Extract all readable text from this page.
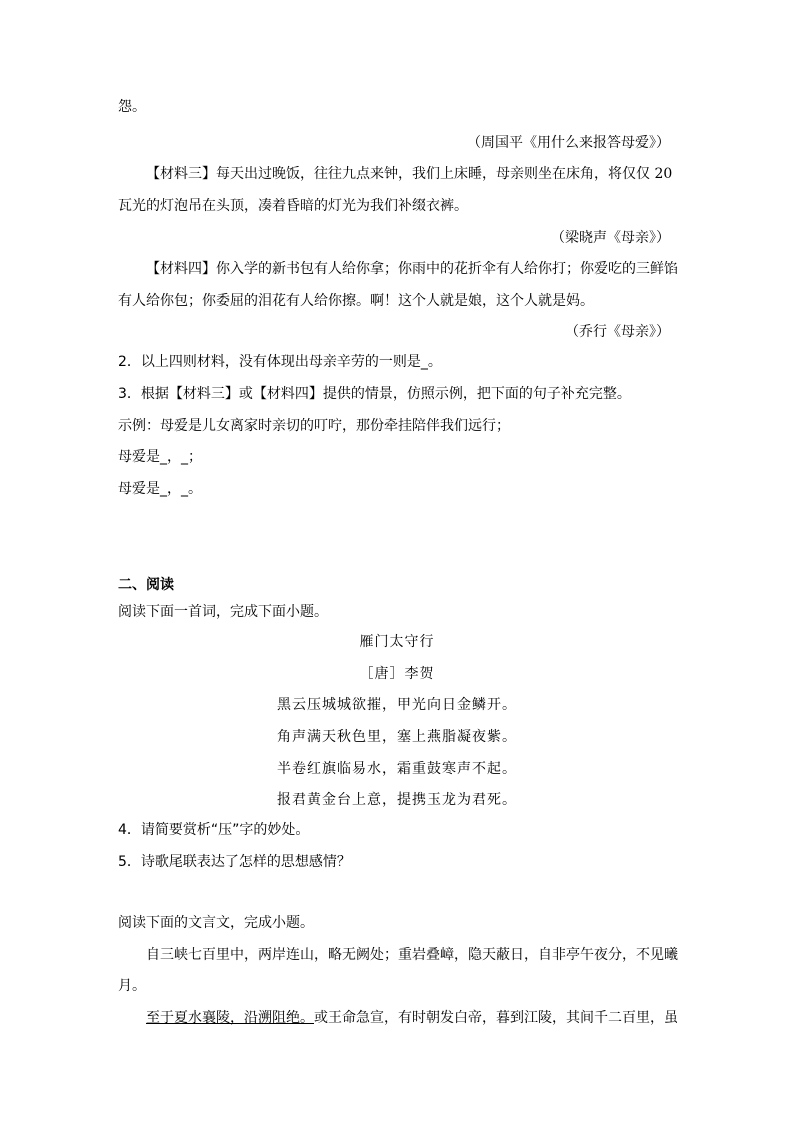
怨。
（周国平《用什么来报答母爱》）
【材料三】每天出过晚饭，往往九点来钟，我们上床睡，母亲则坐在床角，将仅仅 20
瓦光的灯泡吊在头顶，凑着昏暗的灯光为我们补缀衣裤。
（梁晓声《母亲》）
【材料四】你入学的新书包有人给你拿；你雨中的花折伞有人给你打；你爱吃的三鲜馅
有人给你包；你委屈的泪花有人给你擦。啊！这个人就是娘，这个人就是妈。
（乔行《母亲》）
2．以上四则材料，没有体现出母亲辛劳的一则是_。
3．根据【材料三】或【材料四】提供的情景，仿照示例，把下面的句子补充完整。
示例：母爱是儿女离家时亲切的叮咛，那份牵挂陪伴我们远行；
母爱是_，_；
母爱是_，_。
二、阅读
阅读下面一首词，完成下面小题。
雁门太守行
［唐］李贺
黑云压城城欲摧，甲光向日金鳞开。
角声满天秋色里，塞上燕脂凝夜紫。
半卷红旗临易水，霜重鼓寒声不起。
报君黄金台上意，提携玉龙为君死。
4．请简要赏析“压”字的妙处。
5．诗歌尾联表达了怎样的思想感情？
阅读下面的文言文，完成小题。
自三峡七百里中，两岸连山，略无阙处；重岩叠嶂，隐天蔽日，自非亭午夜分，不见曦
月。
至于夏水襄陵，沿溯阻绝。或王命急宣，有时朝发白帝，暮到江陵，其间千二百里，虽
